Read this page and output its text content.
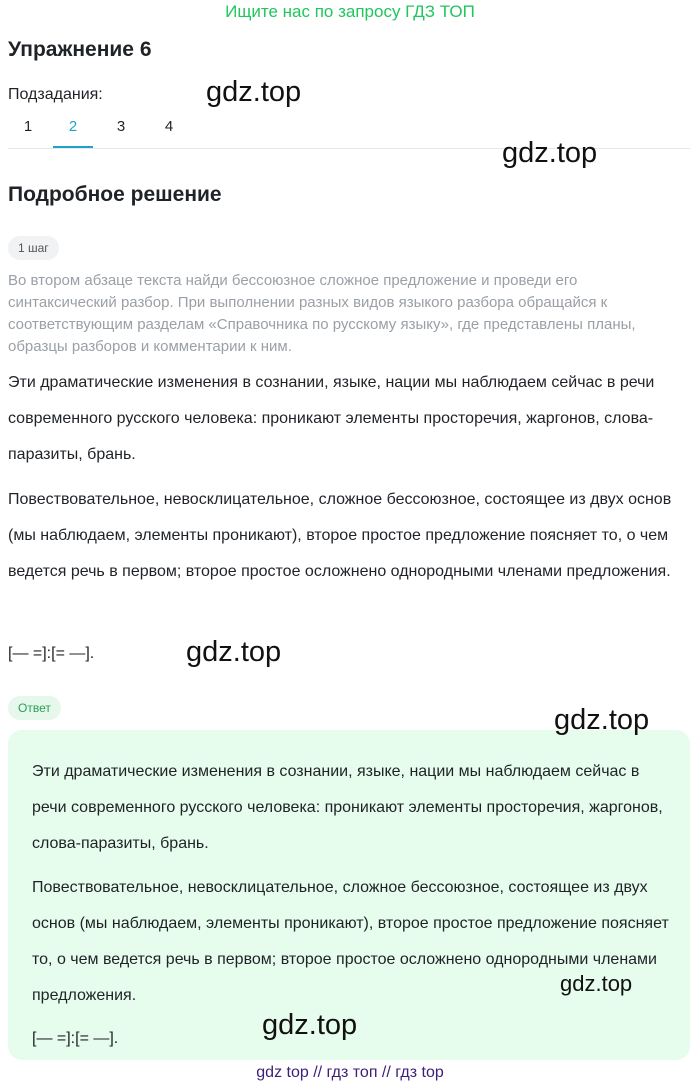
Ищите нас по запросу ГДЗ ТОП
Упражнение 6
Подзадания:
1	2	3	4
Подробное решение
1 шаг
Во втором абзаце текста найди бессоюзное сложное предложение и проведи его синтаксический разбор. При выполнении разных видов языкого разбора обращайся к соответствующим разделам «Справочника по русскому языку», где представлены планы, образцы разборов и комментарии к ним.
Эти драматические изменения в сознании, языке, нации мы наблюдаем сейчас в речи современного русского человека: проникают элементы просторечия, жаргонов, слова-паразиты, брань.
Повествовательное, невосклицательное, сложное бессоюзное, состоящее из двух основ (мы наблюдаем, элементы проникают), второе простое предложение поясняет то, о чем ведется речь в первом; второе простое осложнено однородными членами предложения.
[— =]:[= —].
Ответ
Эти драматические изменения в сознании, языке, нации мы наблюдаем сейчас в речи современного русского человека: проникают элементы просторечия, жаргонов, слова-паразиты, брань.
Повествовательное, невосклицательное, сложное бессоюзное, состоящее из двух основ (мы наблюдаем, элементы проникают), второе простое предложение поясняет то, о чем ведется речь в первом; второе простое осложнено однородными членами предложения.
[— =]:[= —].
gdz.top
gdz.top
gdz.top
gdz.top
gdz.top
gdz.top
gdz top // гдз топ // гдз top
